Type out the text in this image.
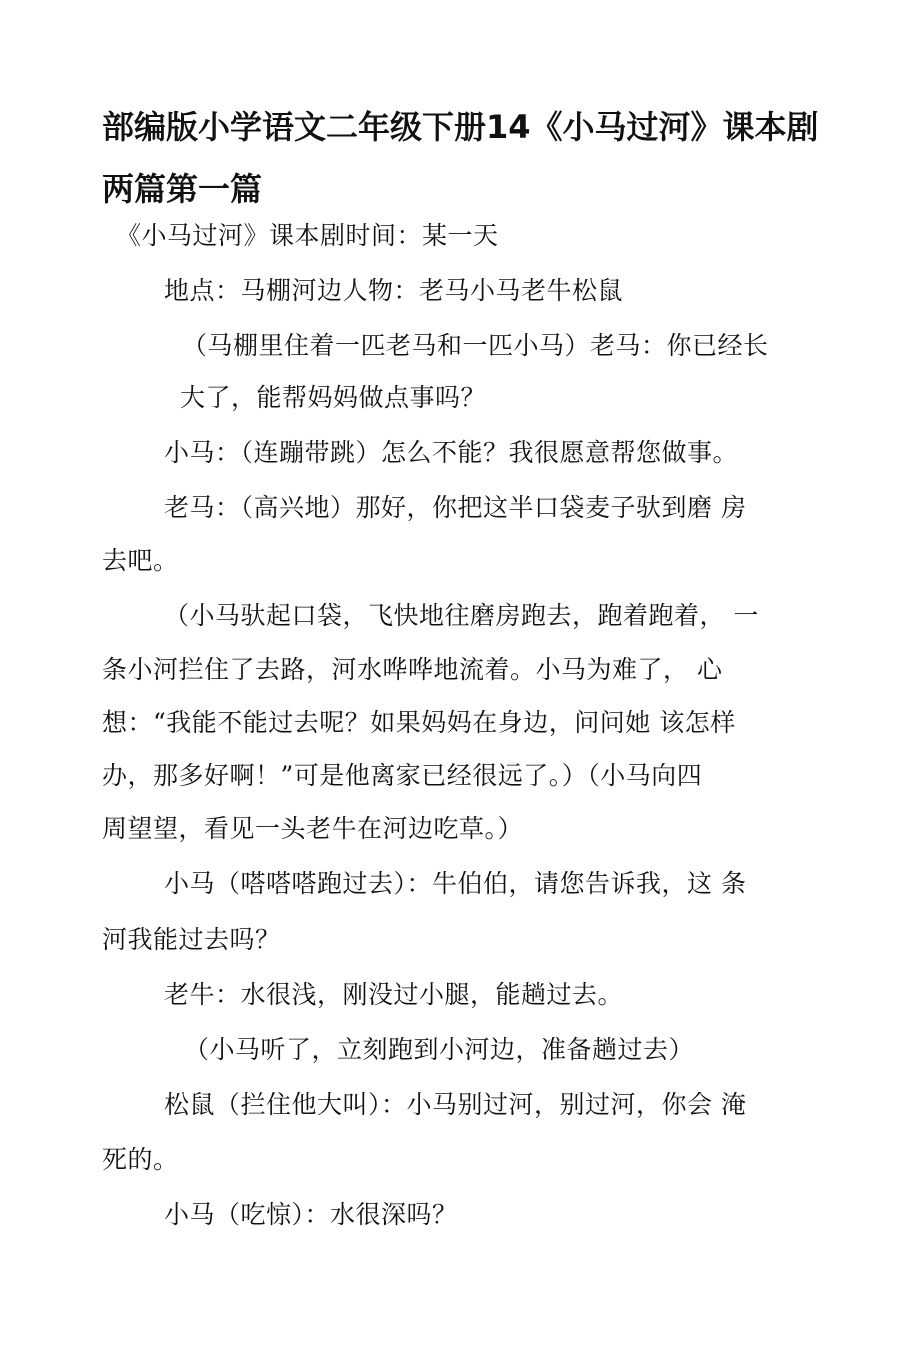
部编版小学语文二年级下册14《小马过河》课本剧两篇第一篇

《小马过河》课本剧时间：某一天

地点：马棚河边人物：老马小马老牛松鼠

（马棚里住着一匹老马和一匹小马）老马：你已经长

大了，能帮妈妈做点事吗？

小马：（连蹦带跳）怎么不能？我很愿意帮您做事。

老马：（高兴地）那好，你把这半口袋麦子驮到磨 房

去吧。

（小马驮起口袋，飞快地往磨房跑去，跑着跑着， 一

条小河拦住了去路，河水哗哗地流着。小马为难了， 心

想：“我能不能过去呢？如果妈妈在身边，问问她 该怎样

办，那多好啊！”可是他离家已经很远了。）（小马向四

周望望，看见一头老牛在河边吃草。）

小马（嗒嗒嗒跑过去）：牛伯伯，请您告诉我，这 条

河我能过去吗？

老牛：水很浅，刚没过小腿，能趟过去。

（小马听了，立刻跑到小河边，准备趟过去）

松鼠（拦住他大叫）：小马别过河，别过河，你会 淹

死的。

小马（吃惊）：水很深吗？
